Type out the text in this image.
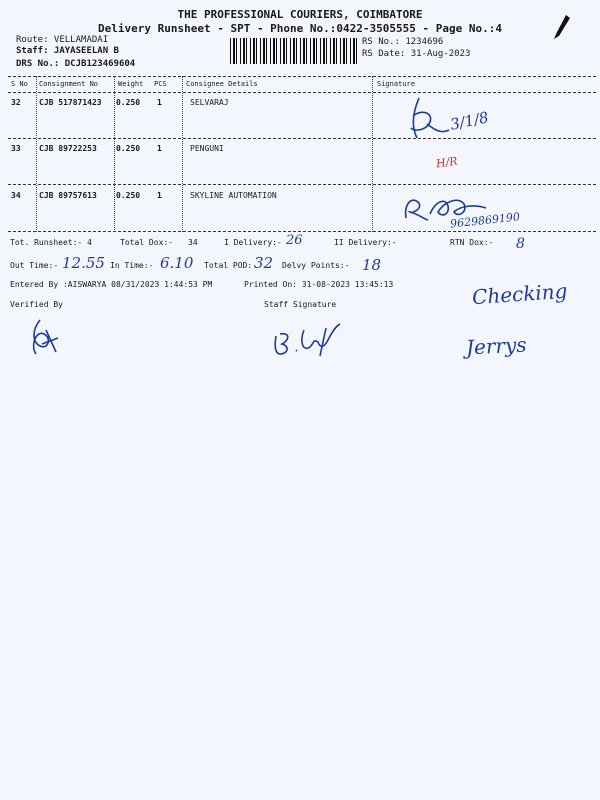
THE PROFESSIONAL COURIERS, COIMBATORE
Delivery Runsheet - SPT - Phone No.:0422-3505555 - Page No.:4
Route: VELLAMADAI
Staff: JAYASEELAN B
DRS No.: DCJB123469604
RS No.: 1234696
RS Date: 31-Aug-2023
S No Consignment No	Weight PCS	Consignee Details	Signature
32 CJB 517871423 0.250 1	SELVARAJ
33 CJB 89722253 0.250 1	PENGUNI
34 CJB 89757613 0.250 1	SKYLINE AUTOMATION
3/1/8
H/R
9629869190
Tot. Runsheet:- 4	Total Dox:- 34	I Delivery:- 26	II Delivery:-	RTN Dox:- 8
Out Time:- 12.55 In Time:- 6.10 Total POD: 32 Delvy Points:- 18
Entered By :AISWARYA 08/31/2023 1:44:53 PM	Printed On: 31-08-2023 13:45:13
Verified By	Staff Signature	Checking
Jerrys
